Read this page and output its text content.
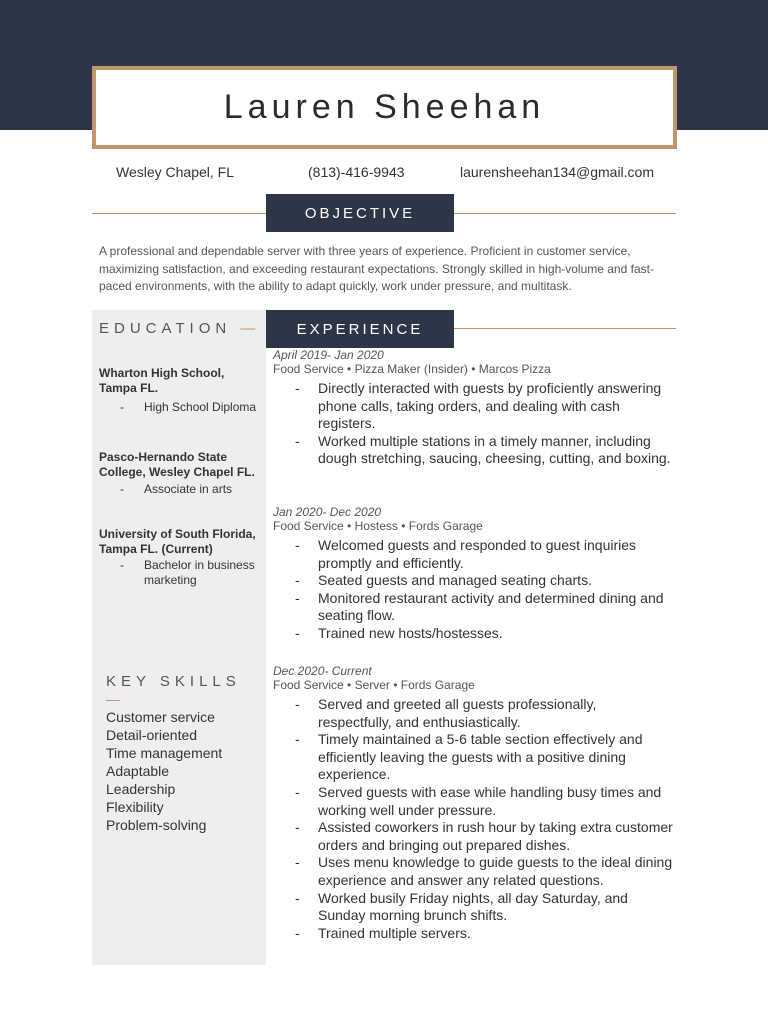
Lauren Sheehan
Wesley Chapel, FL	(813)-416-9943	laurensheehan134@gmail.com
OBJECTIVE
A professional and dependable server with three years of experience. Proficient in customer service, maximizing satisfaction, and exceeding restaurant expectations. Strongly skilled in high-volume and fast-paced environments, with the ability to adapt quickly, work under pressure, and multitask.
EDUCATION —
Wharton High School, Tampa FL.
-	High School Diploma
Pasco-Hernando State College, Wesley Chapel FL.
-	Associate in arts
University of South Florida, Tampa FL. (Current)
-	Bachelor in business marketing
KEY SKILLS
Customer service
Detail-oriented
Time management
Adaptable
Leadership
Flexibility
Problem-solving
EXPERIENCE
April 2019- Jan 2020
Food Service • Pizza Maker (Insider) • Marcos Pizza
-	Directly interacted with guests by proficiently answering phone calls, taking orders, and dealing with cash registers.
-	Worked multiple stations in a timely manner, including dough stretching, saucing, cheesing, cutting, and boxing.
Jan 2020- Dec 2020
Food Service • Hostess • Fords Garage
-	Welcomed guests and responded to guest inquiries promptly and efficiently.
-	Seated guests and managed seating charts.
-	Monitored restaurant activity and determined dining and seating flow.
-	Trained new hosts/hostesses.
Dec 2020- Current
Food Service • Server • Fords Garage
-	Served and greeted all guests professionally, respectfully, and enthusiastically.
-	Timely maintained a 5-6 table section effectively and efficiently leaving the guests with a positive dining experience.
-	Served guests with ease while handling busy times and working well under pressure.
-	Assisted coworkers in rush hour by taking extra customer orders and bringing out prepared dishes.
-	Uses menu knowledge to guide guests to the ideal dining experience and answer any related questions.
-	Worked busily Friday nights, all day Saturday, and Sunday morning brunch shifts.
-	Trained multiple servers.
